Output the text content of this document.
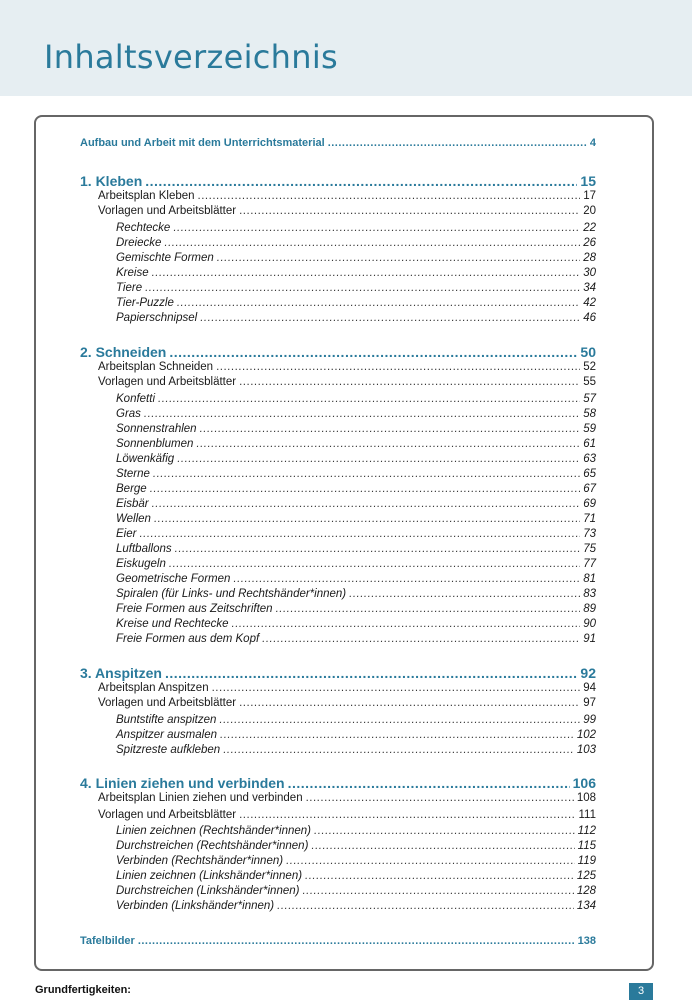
Inhaltsverzeichnis
Aufbau und Arbeit mit dem Unterrichtsmaterial .....	4
1. Kleben .....	15
Arbeitsplan Kleben .....	17
Vorlagen und Arbeitsblätter .....	20
Rechtecke .....	22
Dreiecke .....	26
Gemischte Formen .....	28
Kreise .....	30
Tiere .....	34
Tier-Puzzle .....	42
Papierschnipsel .....	46
2. Schneiden .....	50
Arbeitsplan Schneiden .....	52
Vorlagen und Arbeitsblätter .....	55
Konfetti .....	57
Gras .....	58
Sonnenstrahlen .....	59
Sonnenblumen .....	61
Löwenkäfig .....	63
Sterne .....	65
Berge .....	67
Eisbär .....	69
Wellen .....	71
Eier .....	73
Luftballons .....	75
Eiskugeln .....	77
Geometrische Formen .....	81
Spiralen (für Links- und Rechtshänder*innen) .....	83
Freie Formen aus Zeitschriften .....	89
Kreise und Rechtecke .....	90
Freie Formen aus dem Kopf .....	91
3. Anspitzen .....	92
Arbeitsplan Anspitzen .....	94
Vorlagen und Arbeitsblätter .....	97
Buntstifte anspitzen .....	99
Anspitzer ausmalen .....	102
Spitzreste aufkleben .....	103
4. Linien ziehen und verbinden .....	106
Arbeitsplan Linien ziehen und verbinden .....	108
Vorlagen und Arbeitsblätter .....	111
Linien zeichnen (Rechtshänder*innen) .....	112
Durchstreichen (Rechtshänder*innen) .....	115
Verbinden (Rechtshänder*innen) .....	119
Linien zeichnen (Linkshänder*innen) .....	125
Durchstreichen (Linkshänder*innen) .....	128
Verbinden (Linkshänder*innen) .....	134
Tafelbilder .....	138
Grundfertigkeiten:	3
